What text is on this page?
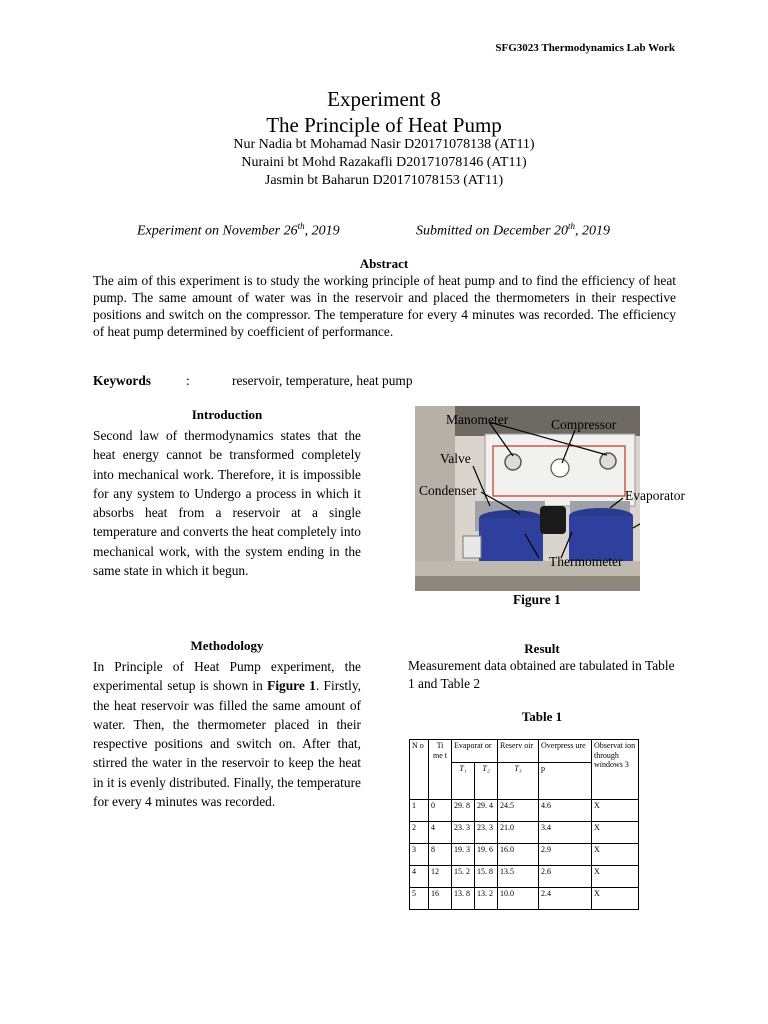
SFG3023 Thermodynamics Lab Work
Experiment 8
The Principle of Heat Pump
Nur Nadia bt Mohamad Nasir D20171078138 (AT11)
Nuraini bt Mohd Razakafli D20171078146 (AT11)
Jasmin bt Baharun D20171078153 (AT11)
Experiment on November 26th, 2019	Submitted on December 20th, 2019
Abstract
The aim of this experiment is to study the working principle of heat pump and to find the efficiency of heat pump. The same amount of water was in the reservoir and placed the thermometers in their respective positions and switch on the compressor. The temperature for every 4 minutes was recorded. The efficiency of heat pump determined by coefficient of performance.
Keywords	:	reservoir, temperature, heat pump
Introduction
Second law of thermodynamics states that the heat energy cannot be transformed completely into mechanical work. Therefore, it is impossible for any system to Undergo a process in which it absorbs heat from a reservoir at a single temperature and converts the heat completely into mechanical work, with the system ending in the same state in which it begun.
Manometer	Compressor
Valve
Condenser
Thermometer
Evaporator
Figure 1
Methodology
In Principle of Heat Pump experiment, the experimental setup is shown in Figure 1. Firstly, the heat reservoir was filled the same amount of water. Then, the thermometer placed in their respective positions and switch on. After that, stirred the water in the reservoir to keep the heat in it is evenly distributed. Finally, the temperature for every 4 minutes was recorded.
Result
Measurement data obtained are tabulated in Table 1 and Table 2
Table 1
N o	Ti me t	Evaporat or		Reserv oir	Overpress ure	Observat ion through windows 3
		T₁	T₂	T₃	p	
1	0	29. 8	29. 4	24.5	4.6	X
2	4	23. 3	23. 3	21.0	3.4	X
3	8	19. 3	19. 6	16.0	2.9	X
4	12	15. 2	15. 8	13.5	2.6	X
5	16	13. 8	13. 2	10.0	2.4	X
